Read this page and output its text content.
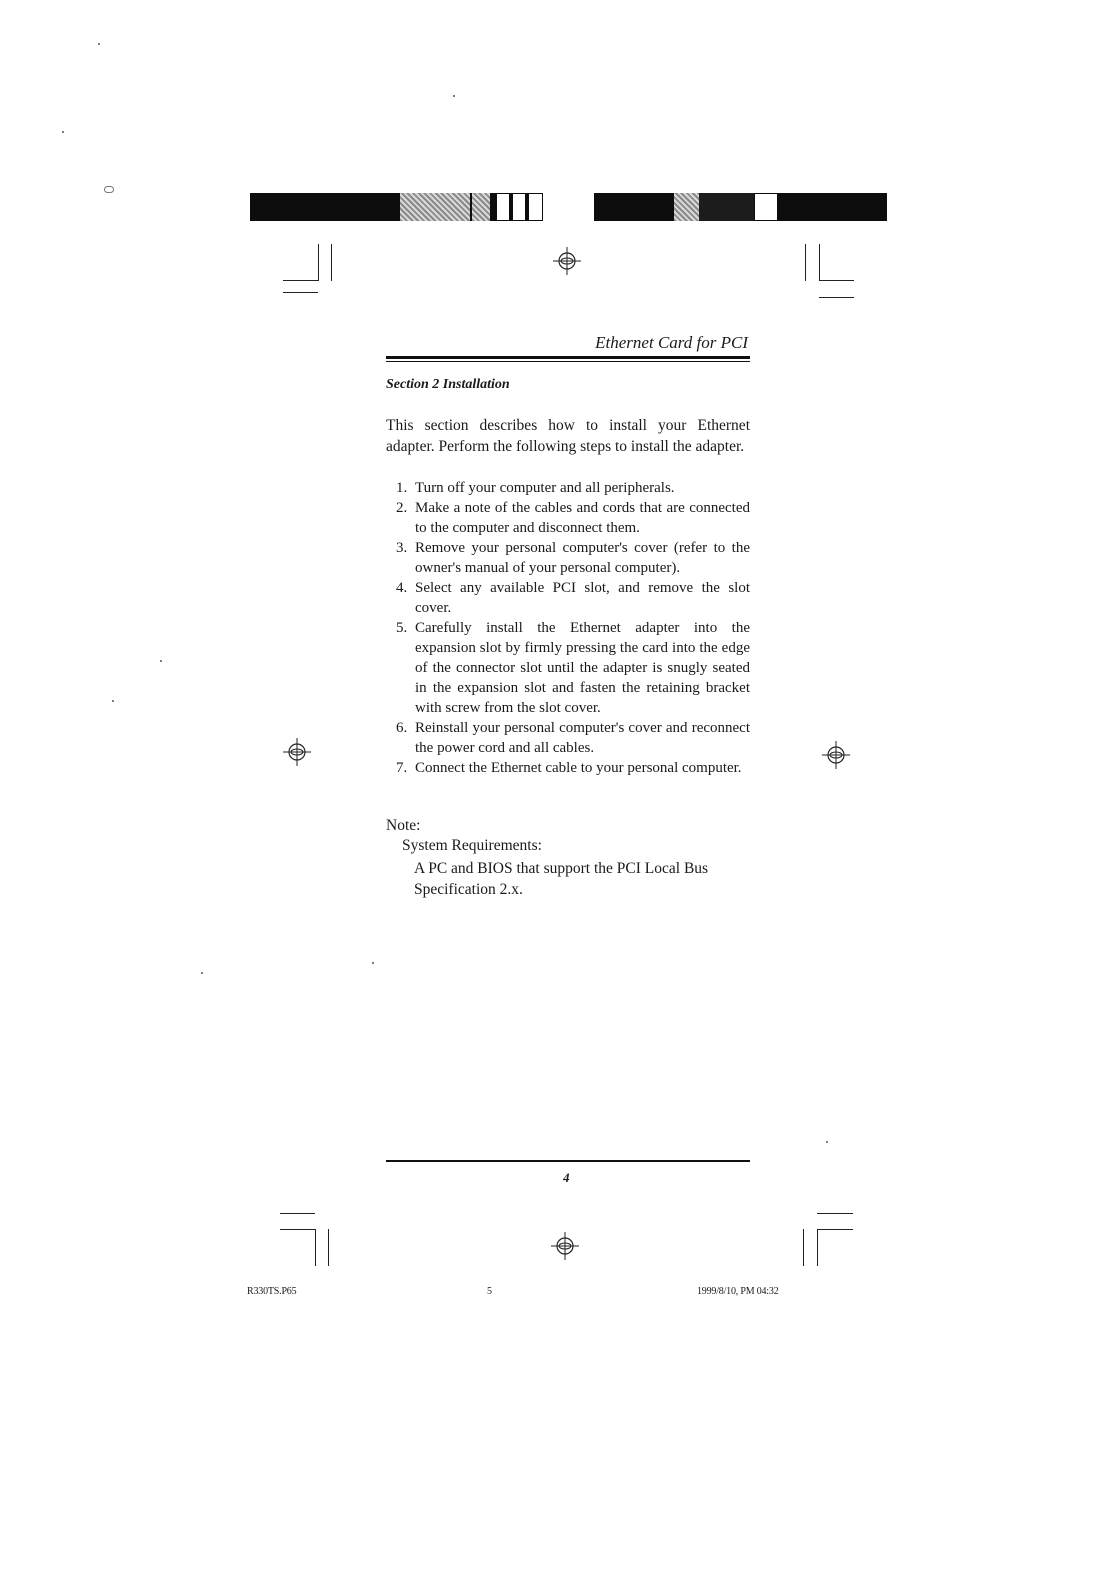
Ethernet Card for PCI
Section 2 Installation
This section describes how to install your Ethernet adapter. Perform the following steps to install the adapter.
1. Turn off your computer and all peripherals.
2. Make a note of the cables and cords that are connected to the computer and disconnect them.
3. Remove your personal computer's cover (refer to the owner's manual of your personal computer).
4. Select any available PCI slot, and remove the slot cover.
5. Carefully install the Ethernet adapter into the expansion slot by firmly pressing the card into the edge of the connector slot until the adapter is snugly seated in the expansion slot and fasten the retaining bracket with screw from the slot cover.
6. Reinstall your personal computer's cover and reconnect the power cord and all cables.
7. Connect the Ethernet cable to your personal computer.
Note:
System Requirements:
A PC and BIOS that support the PCI Local Bus Specification 2.x.
4
R330TS.P65	5	1999/8/10, PM 04:32
